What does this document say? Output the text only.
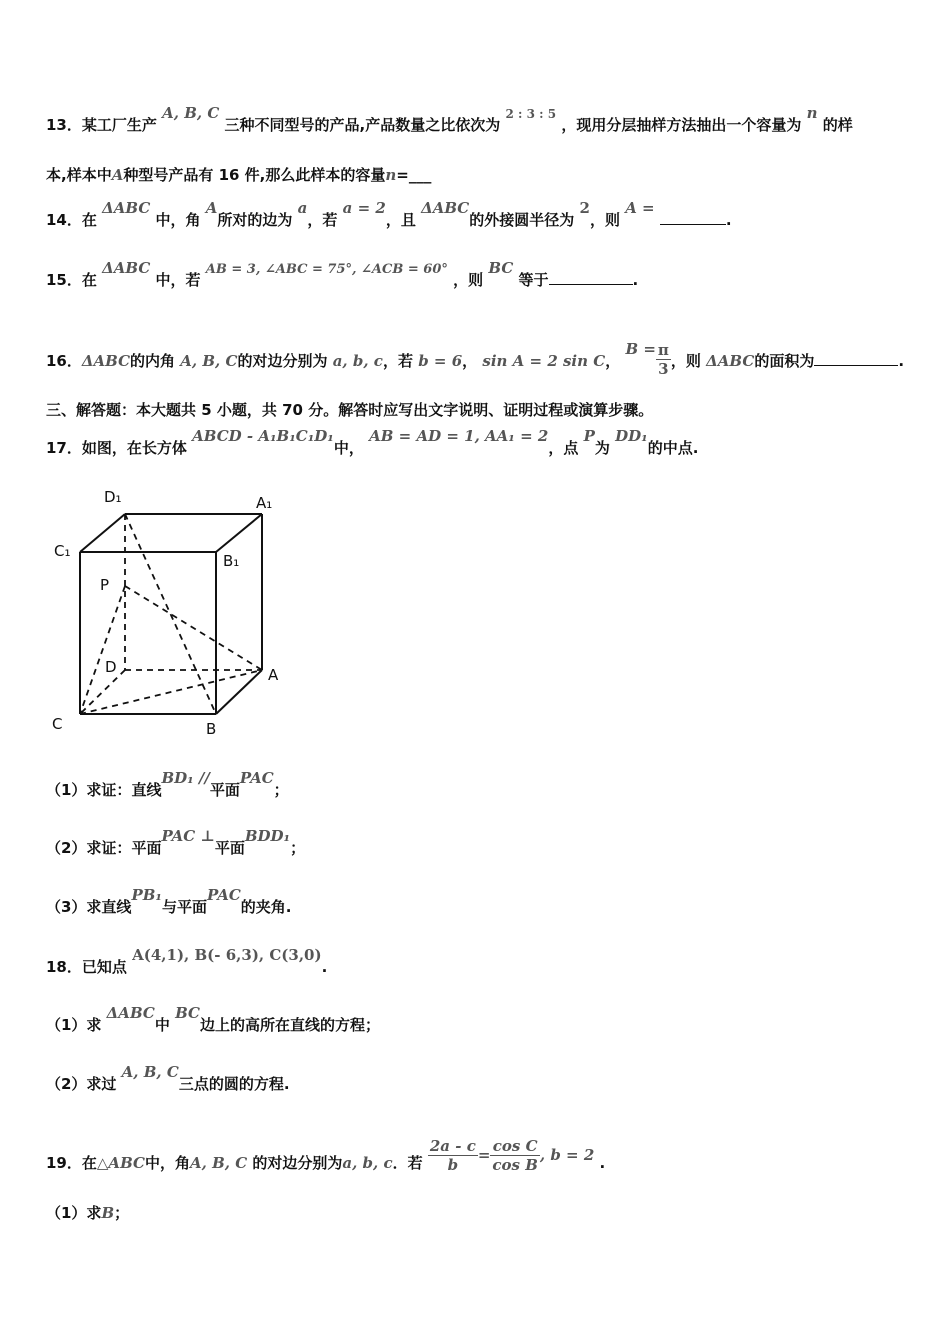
13．某工厂生产 A, B, C 三种不同型号的产品,产品数量之比依次为 $^{2 : 3 : 5}$ ，现用分层抽样方法抽出一个容量为 n 的样
本,样本中A种型号产品有 16 件,那么此样本的容量n=___
14．在 ΔABC 中，角 A所对的边为 a，若 a = 2，且 ΔABC的外接圆半径为 2，则 A = .
15．在 ΔABC 中，若 AB = 3, ∠ABC = 75°, ∠ACB = 60° ，则 BC 等于	.
16．ΔABC的内角 A, B, C的对边分别为 a, b, c，若 b = 6， sin A = 2 sin C， $B = \frac{\pi}{3}$ ，则 ΔABC的面积为	.
三、解答题：本大题共 5 小题，共 70 分。解答时应写出文字说明、证明过程或演算步骤。
17．如图，在长方体 ABCD - A₁B₁C₁D₁中， AB = AD = 1, AA₁ = 2，点 P为 DD₁的中点.
D₁	A₁
C₁
B₁
P
D	A
C	B
（1）求证：直线BD₁ //平面PAC；
（2）求证：平面PAC ⊥平面BDD₁；
（3）求直线PB₁与平面PAC的夹角.
18．已知点 A(4,1), B(- 6,3), C(3,0).
（1）求 ΔABC中 BC边上的高所在直线的方程；
（2）求过 A, B, C三点的圆的方程.
19．在△ABC中，角A, B, C 的对边分别为a, b, c．若 $\frac{2a - c}{b} = \frac{\text{cos C}}{\text{cos B}}$ , b = 2 .
（1）求B；
